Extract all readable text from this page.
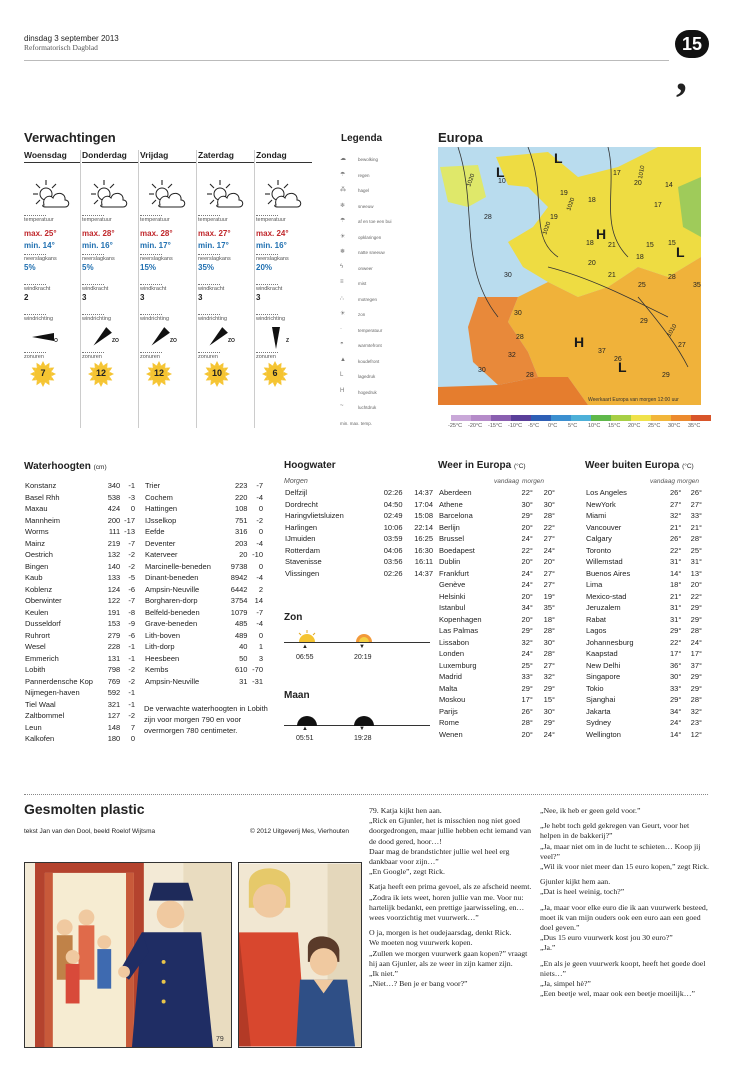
dinsdag 3 september 2013
Reformatorisch Dagblad	15
,
Verwachtingen
Woensdag
temperatuur
max. 25°
min. 14°
neerslagkans
5%
windkracht
2
windrichting
O
zonuren
7
Donderdag
temperatuur
max. 28°
min. 16°
neerslagkans
5%
windkracht
3
windrichting
ZO
zonuren
12
Vrijdag
temperatuur
max. 28°
min. 17°
neerslagkans
15%
windkracht
3
windrichting
ZO
zonuren
12
Zaterdag
temperatuur
max. 27°
min. 17°
neerslagkans
35%
windkracht
3
windrichting
ZO
zonuren
10
Zondag
temperatuur
max. 24°
min. 16°
neerslagkans
20%
windkracht
3
windrichting
Z
zonuren
6
Legenda
☁	bewolking
☂	regen
⁂	hagel
❄	sneeuw
☂	af en toe een bui
☀	opklaringen
❅	natte sneeuw
ϟ	onweer
≡	mist
∴	motregen
☀	zon
·	temperatuur
◓	warmtefront
▲	koudefront
L	lagedruk
H	hogedruk
~	luchtdruk
min. max. temp.
Europa
17
10	20	14
19
17
18
28	19
18 21	15 15
18
20
21
25
28
30
30
28
29
35
32
37
27
26
28	29
30
1020
1020
1010
1010
1020
L
L
H
L
H
L
Weerkaart Europa van morgen 12:00 uur
-25°C -20°C -15°C -10°C -5°C 0°C 5°C 10°C 15°C 20°C 25°C 30°C 35°C
Waterhoogten (cm)
Konstanz	340	-1
Basel Rhh	538	-3
Maxau	424	0
Mannheim	200	-17
Worms	111	-13
Mainz	219	-7
Oestrich	132	-2
Bingen	140	-2
Kaub	133	-5
Koblenz	124	-6
Oberwinter	122	-7
Keulen	191	-8
Dusseldorf	153	-9
Ruhrort	279	-6
Wesel	228	-1
Emmerich	131	-1
Lobith	798	-2
Pannerdensche Kop	769	-2
Nijmegen-haven	592	-1
Tiel Waal	321	-1
Zaltbommel	127	-2
Leun	148	7
Kalkofen	180	0
Trier	223	-7
Cochem	220	-4
Hattingen	108	0
IJsselkop	751	-2
Eefde	316	0
Deventer	203	-4
Katerveer	20	-10
Marcinelle-beneden	9738	0
Dinant-beneden	8942	-4
Ampsin-Neuville	6442	2
Borgharen-dorp	3754	14
Belfeld-beneden	1079	-7
Grave-beneden	485	-4
Lith-boven	489	0
Lith-dorp	40	1
Heesbeen	50	3
Kembs	610	-70
Ampsin-Neuville	31	-31
De verwachte waterhoogten in Lobith zijn voor morgen 790 en voor overmorgen 780 centimeter.
Hoogwater
Morgen
Delfzijl	02:26	14:37
Dordrecht	04:50	17:04
Haringvlietsluizen	02:49	15:08
Harlingen	10:06	22:14
IJmuiden	03:59	16:25
Rotterdam	04:06	16:30
Stavenisse	03:56	16:11
Vlissingen	02:26	14:37
Zon
▲	▼
06:55	20:19
Maan
▲	▼
05:51	19:28
Weer in Europa (°C)
vandaag morgen
Aberdeen	22°	20°
Athene	30°	30°
Barcelona	29°	28°
Berlijn	20°	22°
Brussel	24°	27°
Boedapest	22°	24°
Dublin	20°	20°
Frankfurt	24°	27°
Genève	24°	27°
Helsinki	20°	19°
Istanbul	34°	35°
Kopenhagen	20°	18°
Las Palmas	29°	28°
Lissabon	32°	30°
Londen	24°	28°
Luxemburg	25°	27°
Madrid	33°	32°
Malta	29°	29°
Moskou	17°	15°
Parijs	26°	30°
Rome	28°	29°
Wenen	20°	24°
Weer buiten Europa (°C)
vandaag morgen
Los Angeles	26°	26°
NewYork	27°	27°
Miami	32°	33°
Vancouver	21°	21°
Calgary	26°	28°
Toronto	22°	25°
Willemstad	31°	31°
Buenos Aires	14°	13°
Lima	18°	20°
Mexico-stad	21°	22°
Jeruzalem	31°	29°
Rabat	31°	29°
Lagos	29°	28°
Johannesburg	22°	24°
Kaapstad	17°	17°
New Delhi	36°	37°
Singapore	30°	29°
Tokio	33°	29°
Sjanghai	29°	28°
Jakarta	34°	32°
Sydney	24°	23°
Wellington	14°	12°
Gesmolten plastic
tekst Jan van den Dool, beeld Roelof Wijtsma	© 2012 Uitgeverij Mes, Vierhouten
79

79. Katja kijkt hen aan.
„Rick en Gjunler, het is misschien nog niet goed doorgedrongen, maar jullie hebben echt iemand van de dood gered, hoor…!
Daar mag de brandstichter jullie wel heel erg dankbaar voor zijn…”
„En Google”, zegt Rick.

Katja heeft een prima gevoel, als ze afscheid neemt.
„Zodra ik iets weet, horen jullie van me. Voor nu: hartelijk bedankt, een prettige jaarwisseling, en… wees voorzichtig met vuurwerk…”

O ja, morgen is het oudejaarsdag, denkt Rick.
We moeten nog vuurwerk kopen.
„Zullen we morgen vuurwerk gaan kopen?” vraagt hij aan Gjunler, als ze weer in zijn kamer zijn.
„Ik niet.”
„Niet…? Ben je er bang voor?”

„Nee, ik heb er geen geld voor.”

„Je hebt toch geld gekregen van Geurt, voor het helpen in de bakkerij?”
„Ja, maar niet om in de lucht te schieten… Koop jij veel?”
„Wil ik voor niet meer dan 15 euro kopen,” zegt Rick.

Gjunler kijkt hem aan.
„Dat is heel weinig, toch?”

„Ja, maar voor elke euro die ik aan vuurwerk besteed, moet ik van mijn ouders ook een euro aan een goed doel geven.”
„Dus 15 euro vuurwerk kost jou 30 euro?”
„Ja.”

„En als je geen vuurwerk koopt, heeft het goede doel niets…”
„Ja, simpel hè?”
„Een beetje wel, maar ook een beetje moeilijk…”
